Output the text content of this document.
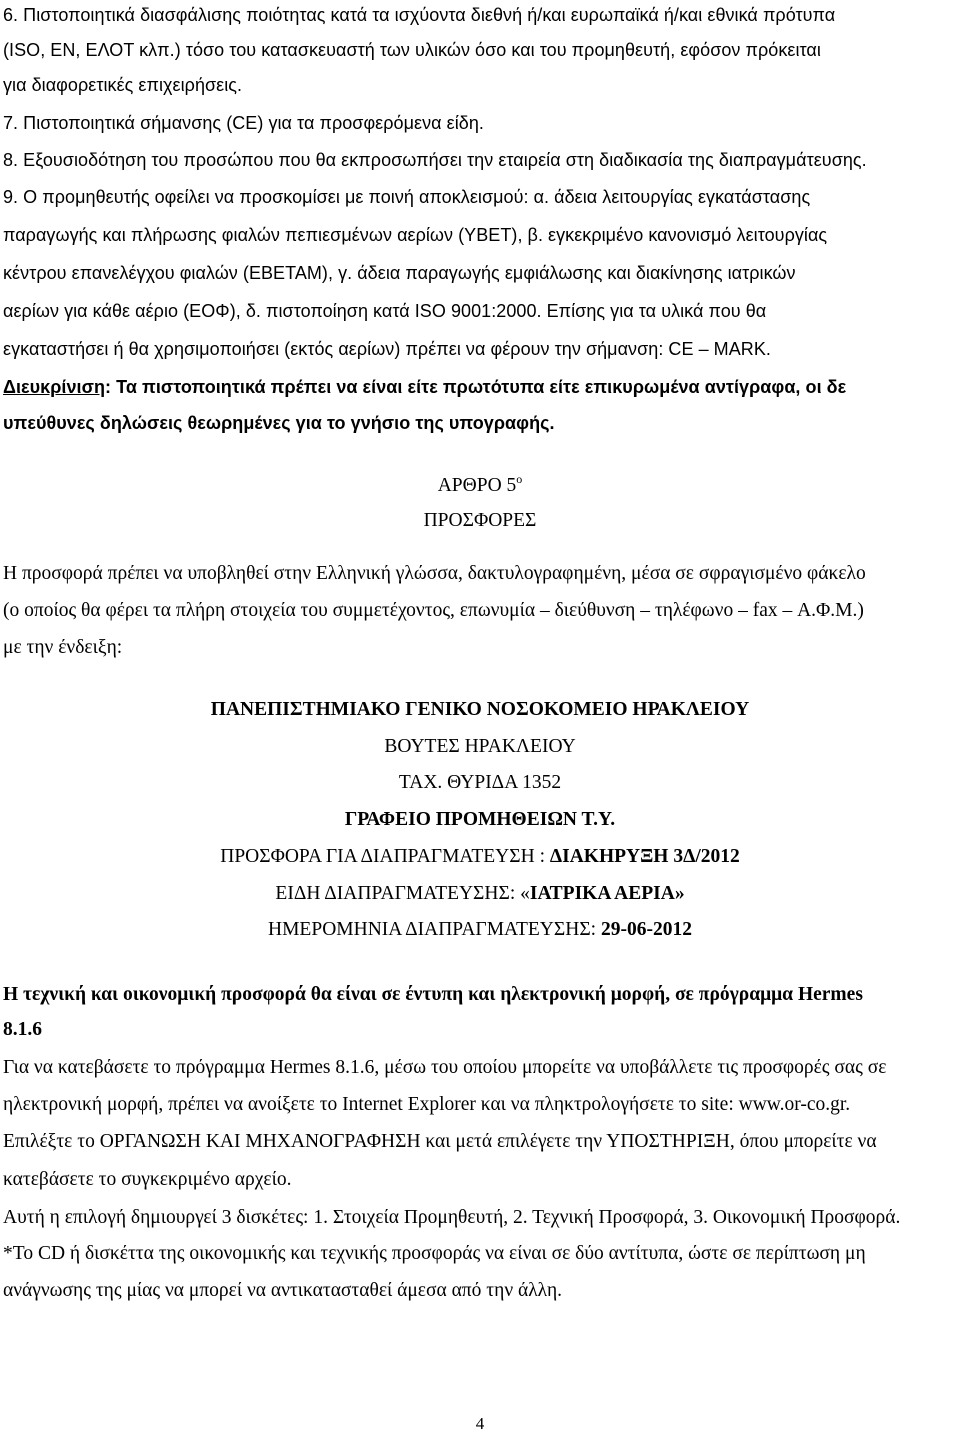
6. Πιστοποιητικά διασφάλισης ποιότητας κατά τα ισχύοντα διεθνή ή/και ευρωπαϊκά ή/και εθνικά πρότυπα
(ISO, EN, ΕΛΟΤ κλπ.) τόσο του κατασκευαστή των υλικών όσο και του προμηθευτή, εφόσον πρόκειται
για διαφορετικές επιχειρήσεις.
7. Πιστοποιητικά σήμανσης (CE) για τα προσφερόμενα είδη.
8. Εξουσιοδότηση του προσώπου που θα εκπροσωπήσει την εταιρεία στη διαδικασία της διαπραγμάτευσης.
9. Ο προμηθευτής οφείλει να προσκομίσει με ποινή αποκλεισμού: α. άδεια λειτουργίας εγκατάστασης
παραγωγής και πλήρωσης φιαλών πεπιεσμένων αερίων (ΥΒΕΤ), β. εγκεκριμένο κανονισμό λειτουργίας
κέντρου επανελέγχου φιαλών (ΕΒΕΤΑΜ), γ. άδεια παραγωγής εμφιάλωσης και διακίνησης ιατρικών
αερίων για κάθε αέριο (ΕΟΦ), δ. πιστοποίηση κατά ISO 9001:2000. Επίσης για τα υλικά που θα
εγκαταστήσει ή θα χρησιμοποιήσει (εκτός αερίων) πρέπει να φέρουν την σήμανση: CE – MARK.
Διευκρίνιση: Τα πιστοποιητικά πρέπει να είναι είτε πρωτότυπα είτε επικυρωμένα αντίγραφα, οι δε
υπεύθυνες δηλώσεις θεωρημένες για το γνήσιο της υπογραφής.
ΑΡΘΡΟ $5^o$
ΠΡΟΣΦΟΡΕΣ
Η προσφορά πρέπει να υποβληθεί στην Ελληνική γλώσσα, δακτυλογραφημένη, μέσα σε σφραγισμένο φάκελο
(ο οποίος θα φέρει τα πλήρη στοιχεία του συμμετέχοντος, επωνυμία – διεύθυνση – τηλέφωνο – fax – Α.Φ.Μ.)
με την ένδειξη:
ΠΑΝΕΠΙΣΤΗΜΙΑΚΟ ΓΕΝΙΚΟ ΝΟΣΟΚΟΜΕΙΟ ΗΡΑΚΛΕΙΟΥ
ΒΟΥΤΕΣ ΗΡΑΚΛΕΙΟΥ
ΤΑΧ. ΘΥΡΙΔΑ 1352
ΓΡΑΦΕΙΟ ΠΡΟΜΗΘΕΙΩΝ Τ.Υ.
ΠΡΟΣΦΟΡΑ ΓΙΑ ΔΙΑΠΡΑΓΜΑΤΕΥΣΗ : ΔΙΑΚΗΡΥΞΗ 3Δ/2012
ΕΙΔΗ ΔΙΑΠΡΑΓΜΑΤΕΥΣΗΣ: «ΙΑΤΡΙΚΑ ΑΕΡΙΑ»
ΗΜΕΡΟΜΗΝΙΑ ΔΙΑΠΡΑΓΜΑΤΕΥΣΗΣ: 29-06-2012
Η τεχνική και οικονομική προσφορά θα είναι σε έντυπη και ηλεκτρονική μορφή, σε πρόγραμμα Hermes
8.1.6
Για να κατεβάσετε το πρόγραμμα Hermes 8.1.6, μέσω του οποίου μπορείτε να υποβάλλετε τις προσφορές σας σε
ηλεκτρονική μορφή, πρέπει να ανοίξετε το Internet Explorer και να πληκτρολογήσετε το site: www.or-co.gr.
Επιλέξτε το ΟΡΓΑΝΩΣΗ ΚΑΙ ΜΗΧΑΝΟΓΡΑΦΗΣΗ και μετά επιλέγετε την ΥΠΟΣΤΗΡΙΞΗ, όπου μπορείτε να
κατεβάσετε το συγκεκριμένο αρχείο.
Αυτή η επιλογή δημιουργεί 3 δισκέτες: 1. Στοιχεία Προμηθευτή, 2. Τεχνική Προσφορά, 3. Οικονομική Προσφορά.
*Το CD ή δισκέττα της οικονομικής και τεχνικής προσφοράς να είναι σε δύο αντίτυπα, ώστε σε περίπτωση μη
ανάγνωσης της μίας να μπορεί να αντικατασταθεί άμεσα από την άλλη.
4
